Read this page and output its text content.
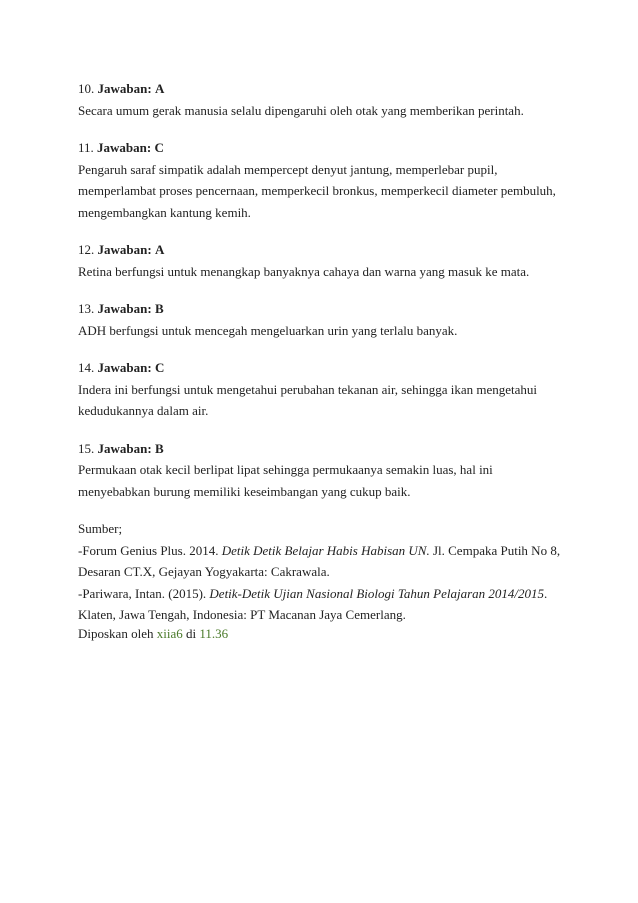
10. Jawaban: A
Secara umum gerak manusia selalu dipengaruhi oleh otak yang memberikan perintah.
11. Jawaban: C
Pengaruh saraf simpatik adalah mempercept denyut jantung, memperlebar pupil,
memperlambat proses pencernaan, memperkecil bronkus, memperkecil diameter pembuluh,
mengembangkan kantung kemih.
12. Jawaban: A
Retina berfungsi untuk menangkap banyaknya cahaya dan warna yang masuk ke mata.
13. Jawaban: B
ADH berfungsi untuk mencegah mengeluarkan urin yang terlalu banyak.
14. Jawaban: C
Indera ini berfungsi untuk mengetahui perubahan tekanan air, sehingga ikan mengetahui
kedudukannya dalam air.
15. Jawaban: B
Permukaan otak kecil berlipat lipat sehingga permukaanya semakin luas, hal ini
menyebabkan burung memiliki keseimbangan yang cukup baik.
Sumber;
-Forum Genius Plus. 2014. Detik Detik Belajar Habis Habisan UN. Jl. Cempaka Putih No 8,
Desaran CT.X, Gejayan Yogyakarta: Cakrawala.
-Pariwara, Intan. (2015). Detik-Detik Ujian Nasional Biologi Tahun Pelajaran 2014/2015.
Klaten, Jawa Tengah, Indonesia: PT Macanan Jaya Cemerlang.
Diposkan oleh xiia6 di 11.36
